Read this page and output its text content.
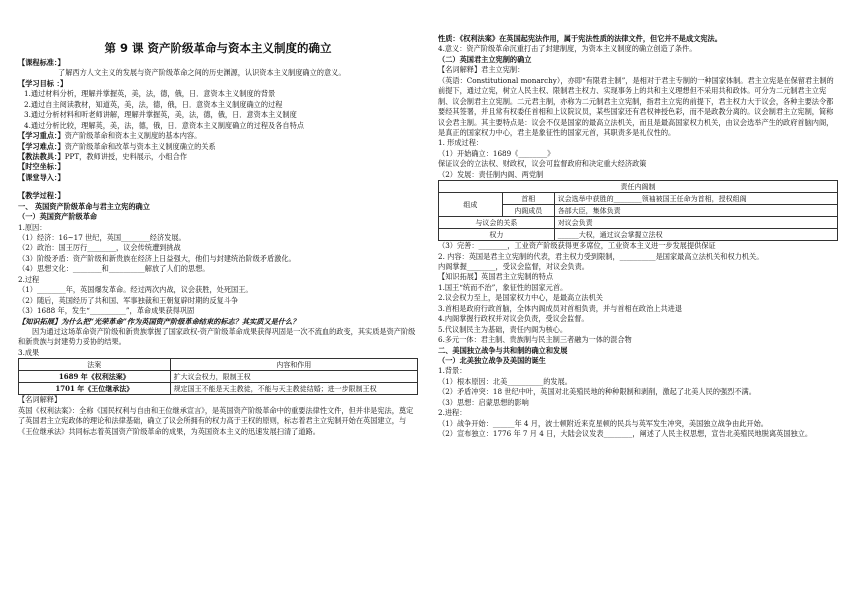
第 9 课 资产阶级革命与资本主义制度的确立

【课程标准：】

了解西方人文主义的发展与资产阶级革命之间的历史渊源，认识资本主义制度确立的意义。

【学习目标 ：】

1.通过材料分析，理解并掌握英，美，法，德，俄，日．意资本主义制度的背景

2.通过自主阅读教材，知道英，美，法，德，俄，日．意资本主义制度确立的过程

3.通过分析材料和听老师讲解，理解并掌握英，美，法，德，俄，日．意资本主义制度

4.通过分析比较，理解英，美，法，德，俄，日．意资本主义制度确立的过程及各自特点

【学习重点：】资产阶级革命和资本主义制度的基本内容。

【学习难点：】资产阶级革命和改革与资本主义制度确立的关系

【教法教具：】PPT，教师讲授，史料展示，小组合作

【时空坐标：】

【课堂导入：】

【教学过程：】

一、 英国资产阶级革命与君主立宪的确立

（一）英国资产阶级革命

1.原因：

（1）经济：16~17 世纪，英国________经济发展。

（2）政治：国王厉行________，议会传统遭到挑战

（3）阶级矛盾：资产阶级和新贵族在经济上日益强大，他们与封建统治阶级矛盾激化。

（4）思想文化：________和__________解放了人们的思想。

2.过程

（1）________年，英国爆发革命。经过两次内战，议会获胜，处死国王。

（2）随后，英国经历了共和国、军事独裁和王朝复辟时期的反复斗争

（3）1688 年，发生“__________”，革命成果获得巩固

【知识拓展】为什么把“光荣革命”作为英国资产阶级革命结束的标志？其实质又是什么？

因为通过这场革命资产阶级和新贵族掌握了国家政权-资产阶级革命成果获得巩固是一次不流血的政变，其实质是资产阶级和新贵族与封建势力妥协的结果。

3.成果

法案	内容和作用
1689 年《权利法案》	扩大议会权力，限制王权
1701 年《王位继承法》	规定国王不能是天主教徒，不能与天主教徒结婚；进一步限制王权

【名词解释】

英国《权利法案》：全称《国民权利与自由和王位继承宣言》，是英国资产阶级革命中的重要法律性文件，但并非是宪法，奠定了英国君主立宪政体的理论和法律基础，确立了议会所拥有的权力高于王权的原则，标志着君主立宪制开始在英国建立，与《王位继承法》共同标志着英国资产阶级革命的成果，为英国资本主义的迅速发展扫清了道路。

性质：《权利法案》在英国起宪法作用，属于宪法性质的法律文件，但它并不是成文宪法。

4.意义：资产阶级革命沉重打击了封建制度，为资本主义制度的确立创造了条件。

（二）英国君主立宪制的确立

【名词解释】君主立宪制：

（英语：Constitutional monarchy），亦即“有限君主制”，是相对于君主专制的一种国家体制。君主立宪是在保留君主制的前提下，通过立宪，树立人民主权、限制君主权力、实现事务上的共和主义理想但不采用共和政体。可分为二元制君主立宪制、议会制君主立宪制。二元君主制，亦称为二元制君主立宪制，指君主立宪的前提下，君主权力大于议会，各种主要法令都要经其签署，并且常有权委任首相和上议院议员，某些国家还有君权神授色彩，而不是政教分离的。议会制君主立宪制，简称议会君主制。其主要特点是：议会不仅是国家的最高立法机关，而且是最高国家权力机关，由议会选举产生的政府首脑内阁，是真正的国家权力中心，君主是象征性的国家元首，其职责多是礼仪性的。

1. 形成过程：

（1）开始确立：1689《________》

保证议会的立法权、财政权，议会可监督政府和决定重大经济政策

（2）发展：责任制内阁、两党制

责任内阁制		
组成	首相	议会选举中获胜的________领袖被国王任命为首相，授权组阁
	内阁成员	各部大臣，集体负责
与议会的关系		对议会负责
权力		______大权，通过议会掌握立法权

（3）完善：________，工业资产阶级获得更多席位，工业资本主义进一步发展提供保证

2. 内容：英国是君主立宪制的代表，君主权力受到限制，__________是国家最高立法机关和权力机关。

内阁掌握________，受议会监督，对议会负责。

【知识拓展】英国君主立宪制的特点

1.国王“统而不治”，象征性的国家元首。

2.议会权力至上，是国家权力中心，是最高立法机关

3.首相是政府行政首脑，全体内阁成员对首相负责，并与首相在政治上共进退

4.内阁掌握行政权并对议会负责，受议会监督。

5.代议制民主为基础，责任内阁为核心。

6.多元一体：君主制、贵族制与民主制三者融为一体的混合物

二、美国独立战争与共和制的确立和发展

（一）北美独立战争及美国的诞生

1.背景：

（1）根本原因：北美__________的发展。

（2）矛盾冲突：18 世纪中叶，英国对北美殖民地的种种限制和剥削，激起了北美人民的强烈不满。

（3）思想：启蒙思想的影响

2.进程：

（1）战争开始：______年 4 月，波士顿附近来克星顿的民兵与英军发生冲突，美国独立战争由此开始。

（2）宣布独立：1776 年 7 月 4 日，大陆会议发表________，阐述了人民主权思想，宣告北美殖民地脱离英国独立。
